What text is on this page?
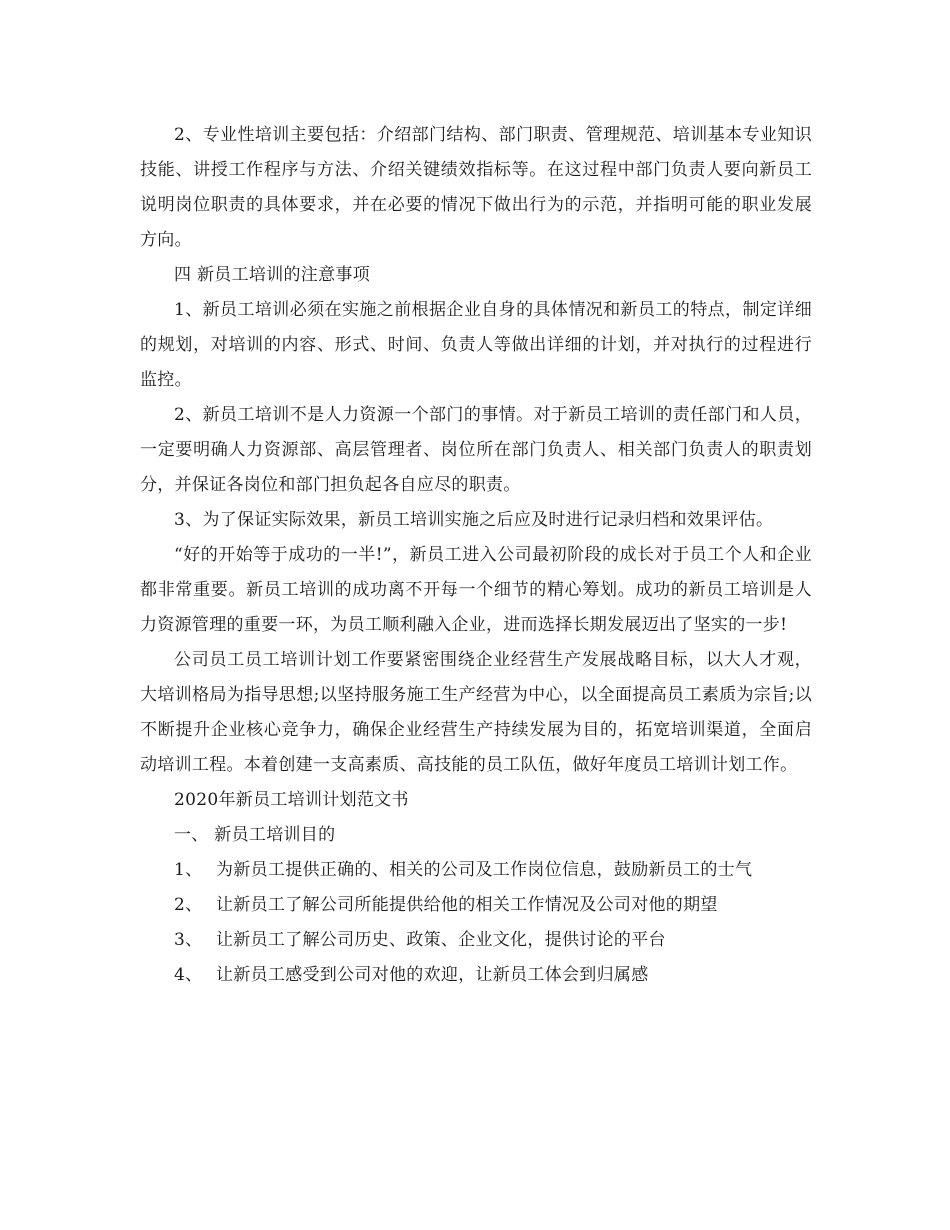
2、专业性培训主要包括：介绍部门结构、部门职责、管理规范、培训基本专业知识技能、讲授工作程序与方法、介绍关键绩效指标等。在这过程中部门负责人要向新员工说明岗位职责的具体要求，并在必要的情况下做出行为的示范，并指明可能的职业发展方向。

四 新员工培训的注意事项

1、新员工培训必须在实施之前根据企业自身的具体情况和新员工的特点，制定详细的规划，对培训的内容、形式、时间、负责人等做出详细的计划，并对执行的过程进行监控。

2、新员工培训不是人力资源一个部门的事情。对于新员工培训的责任部门和人员，一定要明确人力资源部、高层管理者、岗位所在部门负责人、相关部门负责人的职责划分，并保证各岗位和部门担负起各自应尽的职责。

3、为了保证实际效果，新员工培训实施之后应及时进行记录归档和效果评估。

“好的开始等于成功的一半!”，新员工进入公司最初阶段的成长对于员工个人和企业都非常重要。新员工培训的成功离不开每一个细节的精心筹划。成功的新员工培训是人力资源管理的重要一环，为员工顺利融入企业，进而选择长期发展迈出了坚实的一步!

公司员工员工培训计划工作要紧密围绕企业经营生产发展战略目标，以大人才观，大培训格局为指导思想;以坚持服务施工生产经营为中心，以全面提高员工素质为宗旨;以不断提升企业核心竞争力，确保企业经营生产持续发展为目的，拓宽培训渠道，全面启动培训工程。本着创建一支高素质、高技能的员工队伍，做好年度员工培训计划工作。

2020年新员工培训计划范文书

一、 新员工培训目的

1、 为新员工提供正确的、相关的公司及工作岗位信息，鼓励新员工的士气

2、 让新员工了解公司所能提供给他的相关工作情况及公司对他的期望

3、 让新员工了解公司历史、政策、企业文化，提供讨论的平台

4、 让新员工感受到公司对他的欢迎，让新员工体会到归属感
